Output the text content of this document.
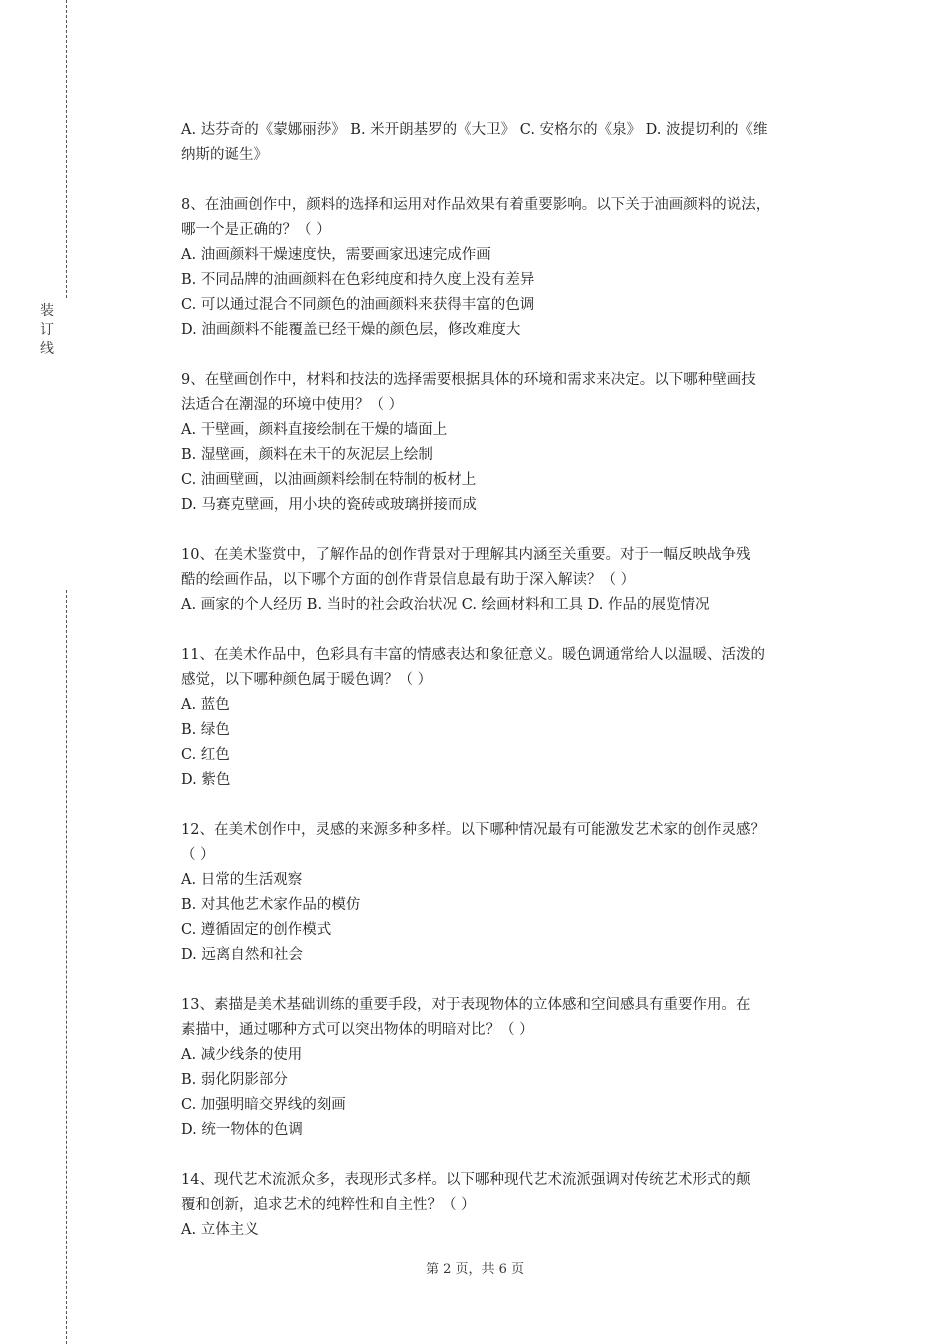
装订线
A. 达芬奇的《蒙娜丽莎》 B. 米开朗基罗的《大卫》 C. 安格尔的《泉》 D. 波提切利的《维
纳斯的诞生》
8、在油画创作中，颜料的选择和运用对作品效果有着重要影响。以下关于油画颜料的说法，
哪一个是正确的？（ ）
A. 油画颜料干燥速度快，需要画家迅速完成作画
B. 不同品牌的油画颜料在色彩纯度和持久度上没有差异
C. 可以通过混合不同颜色的油画颜料来获得丰富的色调
D. 油画颜料不能覆盖已经干燥的颜色层，修改难度大
9、在壁画创作中，材料和技法的选择需要根据具体的环境和需求来决定。以下哪种壁画技
法适合在潮湿的环境中使用？（ ）
A. 干壁画，颜料直接绘制在干燥的墙面上
B. 湿壁画，颜料在未干的灰泥层上绘制
C. 油画壁画，以油画颜料绘制在特制的板材上
D. 马赛克壁画，用小块的瓷砖或玻璃拼接而成
10、在美术鉴赏中，了解作品的创作背景对于理解其内涵至关重要。对于一幅反映战争残
酷的绘画作品，以下哪个方面的创作背景信息最有助于深入解读？（ ）
A. 画家的个人经历 B. 当时的社会政治状况 C. 绘画材料和工具 D. 作品的展览情况
11、在美术作品中，色彩具有丰富的情感表达和象征意义。暖色调通常给人以温暖、活泼的
感觉，以下哪种颜色属于暖色调？（ ）
A. 蓝色
B. 绿色
C. 红色
D. 紫色
12、在美术创作中，灵感的来源多种多样。以下哪种情况最有可能激发艺术家的创作灵感？
（ ）
A. 日常的生活观察
B. 对其他艺术家作品的模仿
C. 遵循固定的创作模式
D. 远离自然和社会
13、素描是美术基础训练的重要手段，对于表现物体的立体感和空间感具有重要作用。在
素描中，通过哪种方式可以突出物体的明暗对比？（ ）
A. 减少线条的使用
B. 弱化阴影部分
C. 加强明暗交界线的刻画
D. 统一物体的色调
14、现代艺术流派众多，表现形式多样。以下哪种现代艺术流派强调对传统艺术形式的颠
覆和创新，追求艺术的纯粹性和自主性？（ ）
A. 立体主义
第 2 页，共 6 页
